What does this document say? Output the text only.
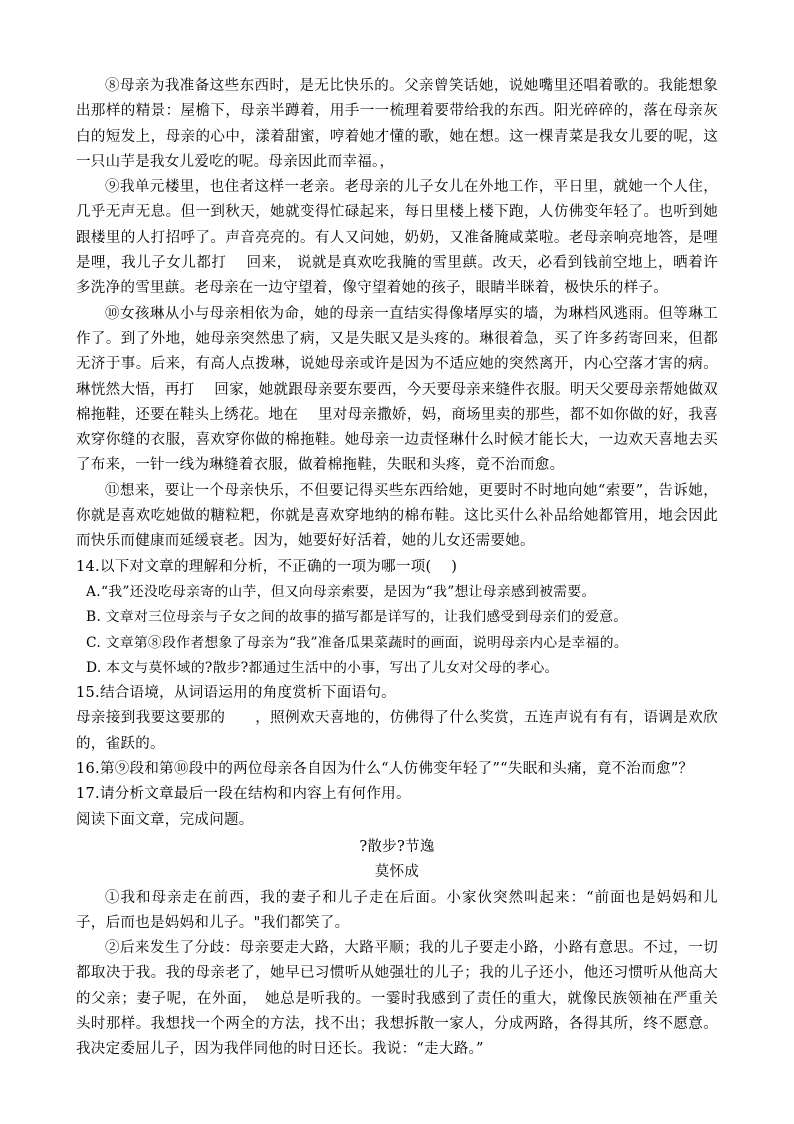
⑧母亲为我准备这些东西时，是无比快乐的。父亲曾笑话她，说她嘴里还唱着歌的。我能想象出那样的精景：屋檐下，母亲半蹲着，用手一一梳理着要带给我的东西。阳光碎碎的，落在母亲灰白的短发上，母亲的心中，漾着甜蜜，哼着她才懂的歌，她在想。这一棵青菜是我女儿要的呢，这一只山芋是我女儿爱吃的呢。母亲因此而幸福。，

⑨我单元楼里，也住者这样一老亲。老母亲的儿子女儿在外地工作，平日里，就她一个人住，几乎无声无息。但一到秋天，她就变得忙碌起来，每日里楼上楼下跑，人仿佛变年轻了。也听到她跟楼里的人打招呼了。声音亮亮的。有人又问她，奶奶，又准备腌咸菜啦。老母亲响亮地答，是哩是哩，我儿子女儿都打　 回来， 说就是真欢吃我腌的雪里蕻。改天，必看到钱前空地上，晒着许多洗净的雪里蕻。老母亲在一边守望着，像守望着她的孩子，眼睛半眯着，极快乐的样子。

⑩女孩琳从小与母亲相依为命，她的母亲一直结实得像堵厚实的墙，为琳档风逃雨。但等琳工作了。到了外地，她母亲突然患了病，又是失眠又是头疼的。琳很着急，买了许多药寄回来，但都无济于事。后来，有高人点拨琳，说她母亲或许是因为不适应她的突然离开，内心空落才害的病。琳恍然大悟，再打　 回家，她就跟母亲要东要西，今天要母亲来缝件衣服。明天父要母亲帮她做双棉拖鞋，还要在鞋头上绣花。地在　 里对母亲撒娇，妈，商场里卖的那些，都不如你做的好，我喜欢穿你缝的衣服，喜欢穿你做的棉拖鞋。她母亲一边责怪琳什么时候才能长大，一边欢天喜地去买了布来，一针一线为琳缝着衣服，做着棉拖鞋，失眠和头疼，竟不治而愈。

⑪想来，要让一个母亲快乐，不但要记得买些东西给她，更要时不时地向她“索要”，告诉她，你就是喜欢吃她做的糖粒粑，你就是喜欢穿地纳的棉布鞋。这比买什么补品给她都管用，地会因此而快乐而健康而延缓衰老。因为，她要好好活着，她的儿女还需要她。

14.以下对文章的理解和分析，不正确的一项为哪一项(　 )

A.“我”还没吃母亲寄的山芋，但又向母亲索要，是因为“我”想让母亲感到被需要。

B. 文章对三位母亲与子女之间的故事的描写都是详写的，让我们感受到母亲们的爱意。

C. 文章第⑧段作者想象了母亲为“我”准备瓜果菜蔬时的画面，说明母亲内心是幸福的。

D. 本文与莫怀域的?散步?都通过生活中的小事，写出了儿女对父母的孝心。

15.结合语境，从词语运用的角度赏析下面语句。

母亲接到我要这要那的　　，照例欢天喜地的，仿佛得了什么奖赏，五连声说有有有，语调是欢欣的，雀跃的。

16.第⑨段和第⑩段中的两位母亲各自因为什么“人仿佛变年轻了”“失眠和头痛，竟不治而愈”？

17.请分析文章最后一段在结构和内容上有何作用。

阅读下面文章，完成问题。

?散步?节逸

莫怀成

①我和母亲走在前西，我的妻子和儿子走在后面。小家伙突然叫起来：“前面也是妈妈和儿子，后而也是妈妈和儿子。"我们都笑了。

②后来发生了分歧：母亲要走大路，大路平顺；我的儿子要走小路，小路有意思。不过，一切都取决于我。我的母亲老了，她早已习惯听从她强壮的儿子；我的儿子还小，他还习惯听从他高大的父亲；妻子呢，在外面，　她总是听我的。一霎时我感到了责任的重大，就像民族领袖在严重关头时那样。我想找一个两全的方法，找不出；我想拆散一家人，分成两路，各得其所，终不愿意。我决定委屈儿子，因为我伴同他的时日还长。我说：“走大路。”
